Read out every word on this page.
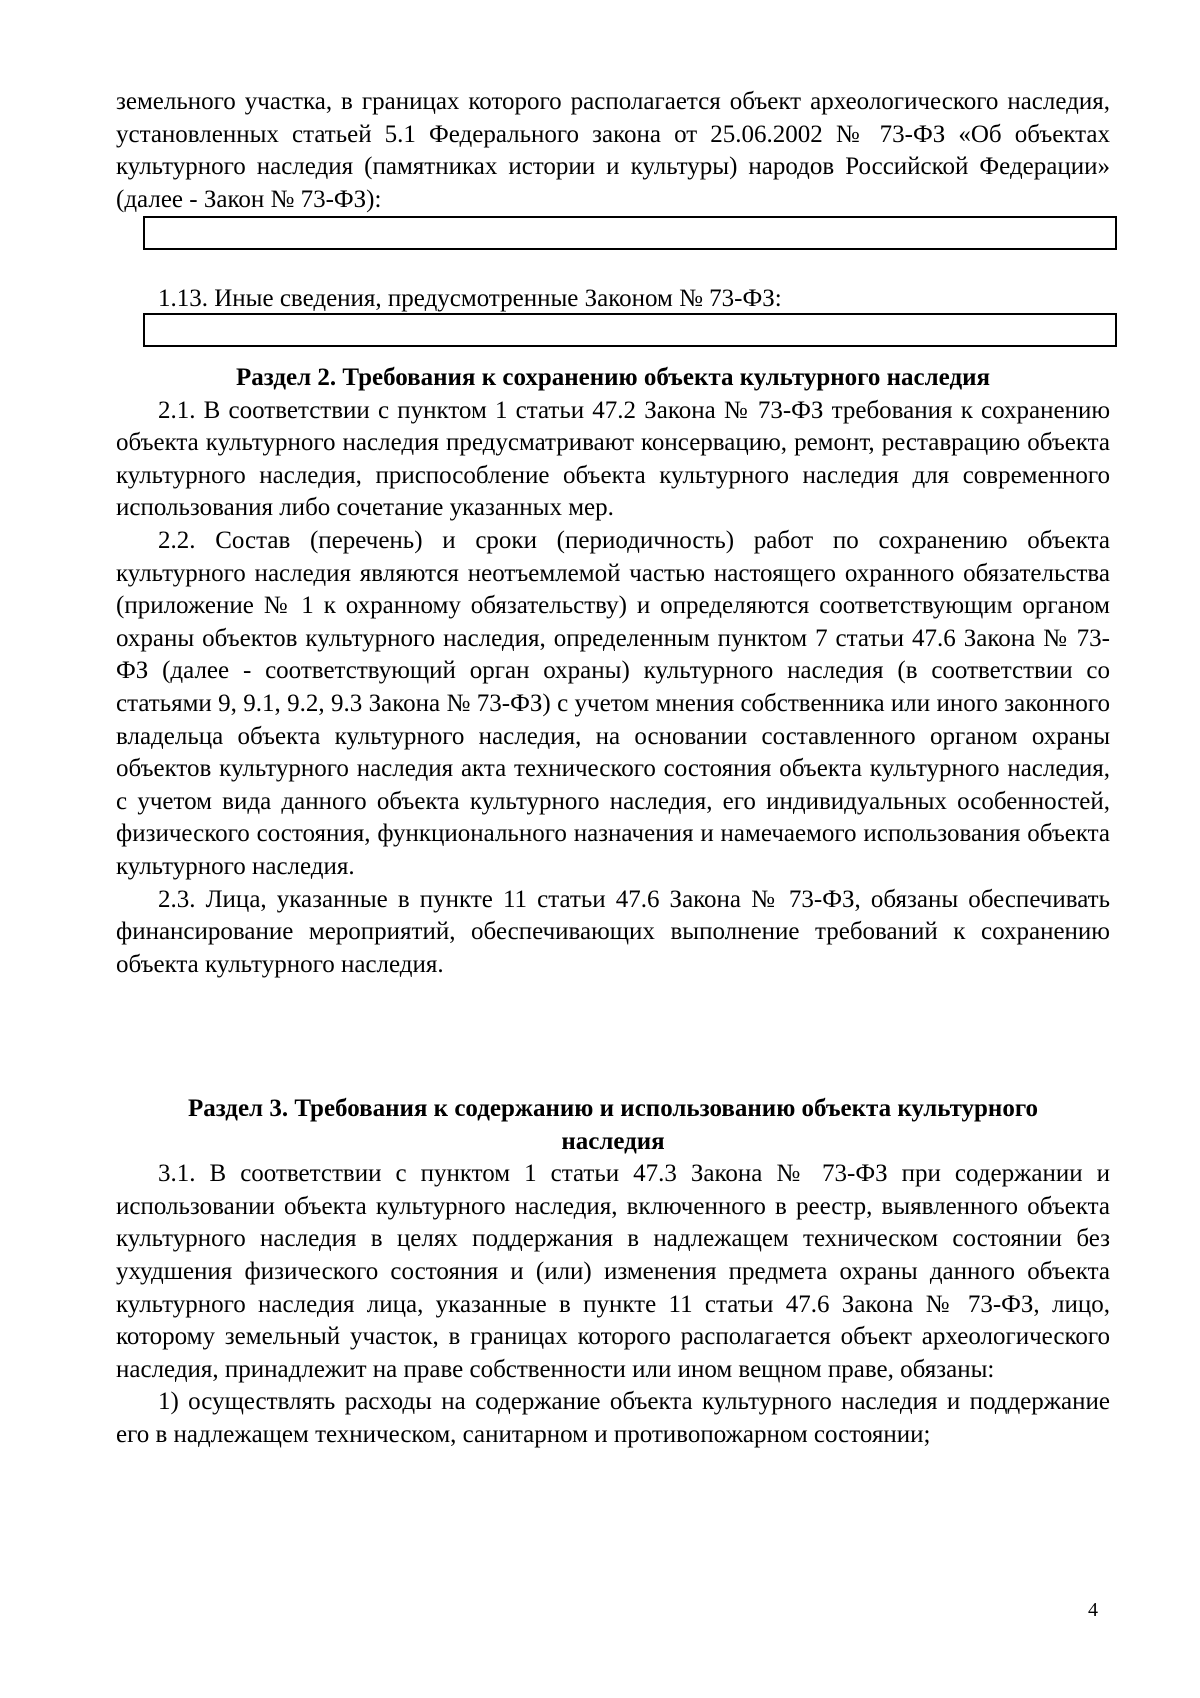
земельного участка, в границах которого располагается объект археологического наследия, установленных статьей 5.1 Федерального закона от 25.06.2002 № 73-ФЗ «Об объектах культурного наследия (памятниках истории и культуры) народов Российской Федерации» (далее - Закон № 73-ФЗ):

1.13. Иные сведения, предусмотренные Законом № 73-ФЗ:

Раздел 2. Требования к сохранению объекта культурного наследия

2.1. В соответствии с пунктом 1 статьи 47.2 Закона № 73-ФЗ требования к сохранению объекта культурного наследия предусматривают консервацию, ремонт, реставрацию объекта культурного наследия, приспособление объекта культурного наследия для современного использования либо сочетание указанных мер.

2.2. Состав (перечень) и сроки (периодичность) работ по сохранению объекта культурного наследия являются неотъемлемой частью настоящего охранного обязательства (приложение № 1 к охранному обязательству) и определяются соответствующим органом охраны объектов культурного наследия, определенным пунктом 7 статьи 47.6 Закона № 73-ФЗ (далее - соответствующий орган охраны) культурного наследия (в соответствии со статьями 9, 9.1, 9.2, 9.3 Закона № 73-ФЗ) с учетом мнения собственника или иного законного владельца объекта культурного наследия, на основании составленного органом охраны объектов культурного наследия акта технического состояния объекта культурного наследия, с учетом вида данного объекта культурного наследия, его индивидуальных особенностей, физического состояния, функционального назначения и намечаемого использования объекта культурного наследия.

2.3. Лица, указанные в пункте 11 статьи 47.6 Закона № 73-ФЗ, обязаны обеспечивать финансирование мероприятий, обеспечивающих выполнение требований к сохранению объекта культурного наследия.

Раздел 3. Требования к содержанию и использованию объекта культурного наследия

3.1. В соответствии с пунктом 1 статьи 47.3 Закона № 73-ФЗ при содержании и использовании объекта культурного наследия, включенного в реестр, выявленного объекта культурного наследия в целях поддержания в надлежащем техническом состоянии без ухудшения физического состояния и (или) изменения предмета охраны данного объекта культурного наследия лица, указанные в пункте 11 статьи 47.6 Закона № 73-ФЗ, лицо, которому земельный участок, в границах которого располагается объект археологического наследия, принадлежит на праве собственности или ином вещном праве, обязаны:

1) осуществлять расходы на содержание объекта культурного наследия и поддержание его в надлежащем техническом, санитарном и противопожарном состоянии;

4
